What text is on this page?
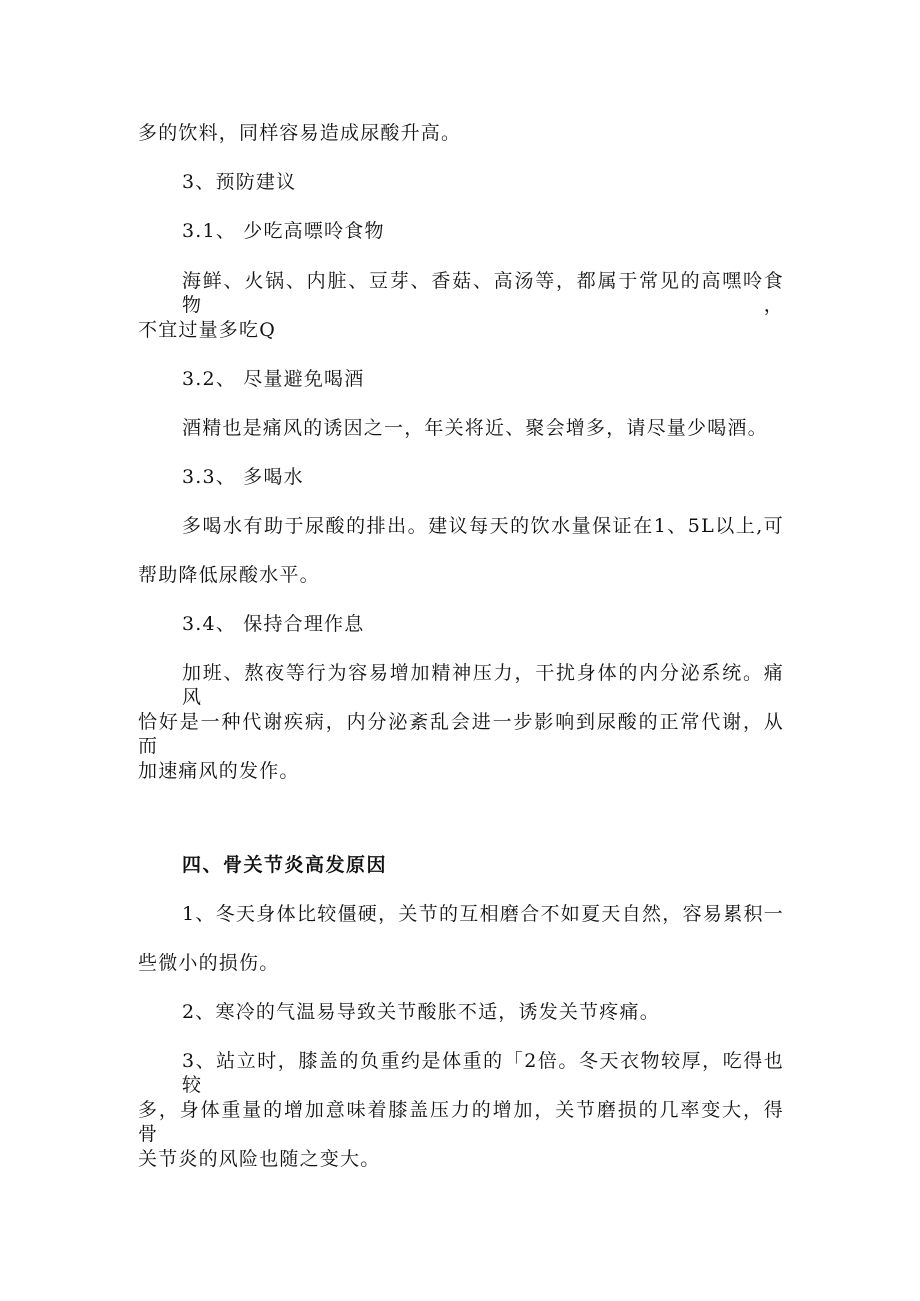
多的饮料，同样容易造成尿酸升高。
3、预防建议
3.1、 少吃高嘌呤食物
海鲜、火锅、内脏、豆芽、香菇、高汤等，都属于常见的高嘿呤食物，
不宜过量多吃Q
3.2、 尽量避免喝酒
酒精也是痛风的诱因之一，年关将近、聚会增多，请尽量少喝酒。
3.3、 多喝水
多喝水有助于尿酸的排出。建议每天的饮水量保证在1、5L以上,可
帮助降低尿酸水平。
3.4、 保持合理作息
加班、熬夜等行为容易增加精神压力，干扰身体的内分泌系统。痛风
恰好是一种代谢疾病，内分泌紊乱会进一步影响到尿酸的正常代谢，从而
加速痛风的发作。
四、骨关节炎高发原因
1、冬天身体比较僵硬，关节的互相磨合不如夏天自然，容易累积一
些微小的损伤。
2、寒冷的气温易导致关节酸胀不适，诱发关节疼痛。
3、站立时，膝盖的负重约是体重的「2倍。冬天衣物较厚，吃得也较
多，身体重量的增加意味着膝盖压力的增加，关节磨损的几率变大，得骨
关节炎的风险也随之变大。
